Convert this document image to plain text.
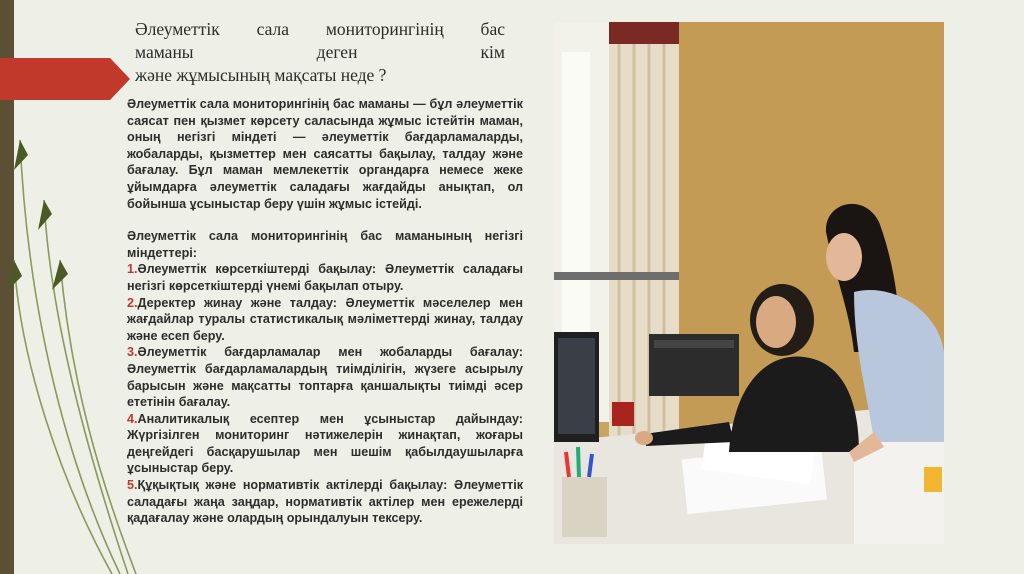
Әлеуметтік сала мониторингінің бас
маманы деген кім
және жұмысының мақсаты неде ?

Әлеуметтік сала мониторингінің бас маманы — бұл әлеуметтік саясат пен қызмет көрсету саласында жұмыс істейтін маман, оның негізгі міндеті — әлеуметтік бағдарламаларды, жобаларды, қызметтер мен саясатты бақылау, талдау және бағалау. Бұл маман мемлекеттік органдарға немесе жеке ұйымдарға әлеуметтік саладағы жағдайды анықтап, ол бойынша ұсыныстар беру үшін жұмыс істейді.

Әлеуметтік сала мониторингінің бас маманының негізгі міндеттері:

1.Әлеуметтік көрсеткіштерді бақылау: Әлеуметтік саладағы негізгі көрсеткіштерді үнемі бақылап отыру.

2.Деректер жинау және талдау: Әлеуметтік мәселелер мен жағдайлар туралы статистикалық мәліметтерді жинау, талдау және есеп беру.

3.Әлеуметтік бағдарламалар мен жобаларды бағалау: Әлеуметтік бағдарламалардың тиімділігін, жүзеге асырылу барысын және мақсатты топтарға қаншалықты тиімді әсер ететінін бағалау.

4.Аналитикалық есептер мен ұсыныстар дайындау: Жүргізілген мониторинг нәтижелерін жинақтап, жоғары деңгейдегі басқарушылар мен шешім қабылдаушыларға ұсыныстар беру.

5.Құқықтық және нормативтік актілерді бақылау: Әлеуметтік саладағы жаңа заңдар, нормативтік актілер мен ережелерді қадағалау және олардың орындалуын тексеру.
